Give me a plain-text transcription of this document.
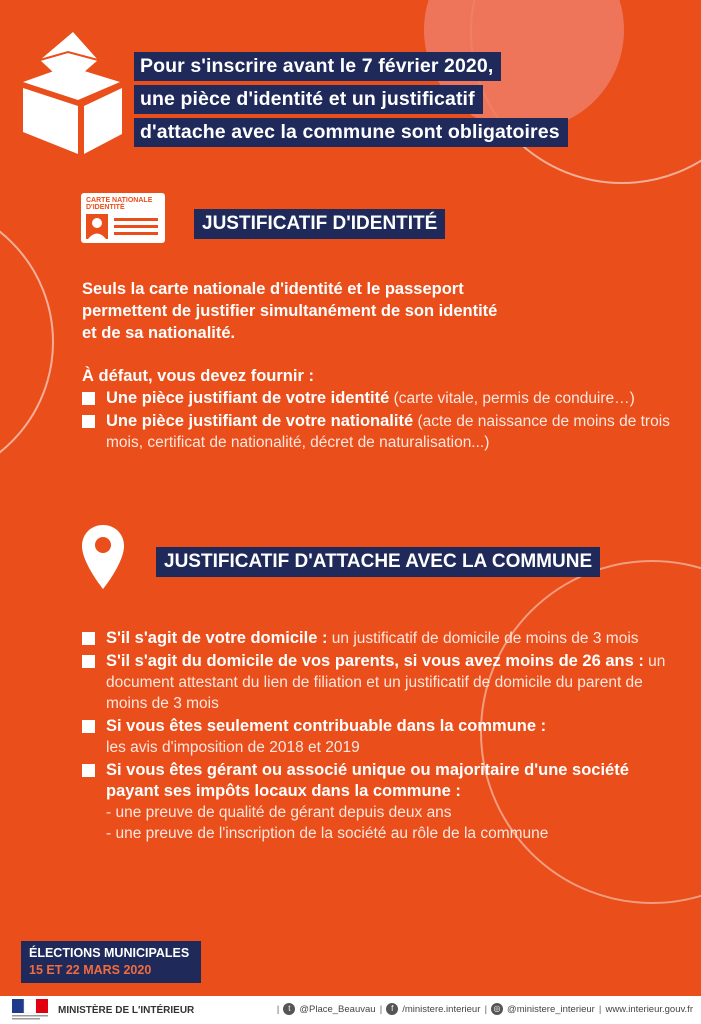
Pour s'inscrire avant le 7 février 2020,
une pièce d'identité et un justificatif
d'attache avec la commune sont obligatoires
CARTE NATIONALE
D'IDENTITÉ
JUSTIFICATIF D'IDENTITÉ
Seuls la carte nationale d'identité et le passeport
permettent de justifier simultanément de son identité
et de sa nationalité.
À défaut, vous devez fournir :
Une pièce justifiant de votre identité (carte vitale, permis de conduire…)
Une pièce justifiant de votre nationalité (acte de naissance de moins de trois mois, certificat de nationalité, décret de naturalisation...)
JUSTIFICATIF D'ATTACHE AVEC LA COMMUNE
S'il s'agit de votre domicile : un justificatif de domicile de moins de 3 mois
S'il s'agit du domicile de vos parents, si vous avez moins de 26 ans : un document attestant du lien de filiation et un justificatif de domicile du parent de moins de 3 mois
Si vous êtes seulement contribuable dans la commune :
les avis d'imposition de 2018 et 2019
Si vous êtes gérant ou associé unique ou majoritaire d'une société payant ses impôts locaux dans la commune :
- une preuve de qualité de gérant depuis deux ans
- une preuve de l'inscription de la société au rôle de la commune
ÉLECTIONS MUNICIPALES
15 ET 22 MARS 2020
MINISTÈRE DE L'INTÉRIEUR	|	t @Place_Beauvau |	f /ministere.interieur | ◎ @ministere_interieur | www.interieur.gouv.fr
